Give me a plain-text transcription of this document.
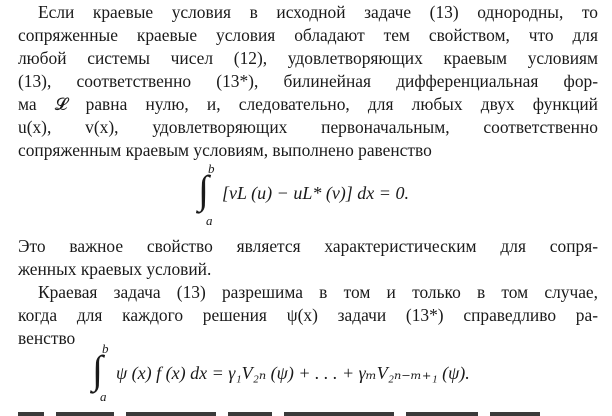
Если краевые условия в исходной задаче (13) однородны, то
сопряженные краевые условия обладают тем свойством, что для
любой системы чисел (12), удовлетворяющих краевым условиям
(13), соответственно (13*), билинейная дифференциальная фор-
ма 𝓛 равна нулю, и, следовательно, для любых двух функций
u(x), v(x), удовлетворяющих первоначальным, соответственно
сопряженным краевым условиям, выполнено равенство
b
∫
a
[vL (u) − uL* (v)] dx = 0.
Это важное свойство является характеристическим для сопря-
женных краевых условий.
Краевая задача (13) разрешима в том и только в том случае,
когда для каждого решения ψ(x) задачи (13*) справедливо ра-
венство
b
∫
a
ψ (x) f (x) dx = γ₁V₂ₙ (ψ) + . . . + γₘV₂ₙ₋ₘ₊₁ (ψ).
